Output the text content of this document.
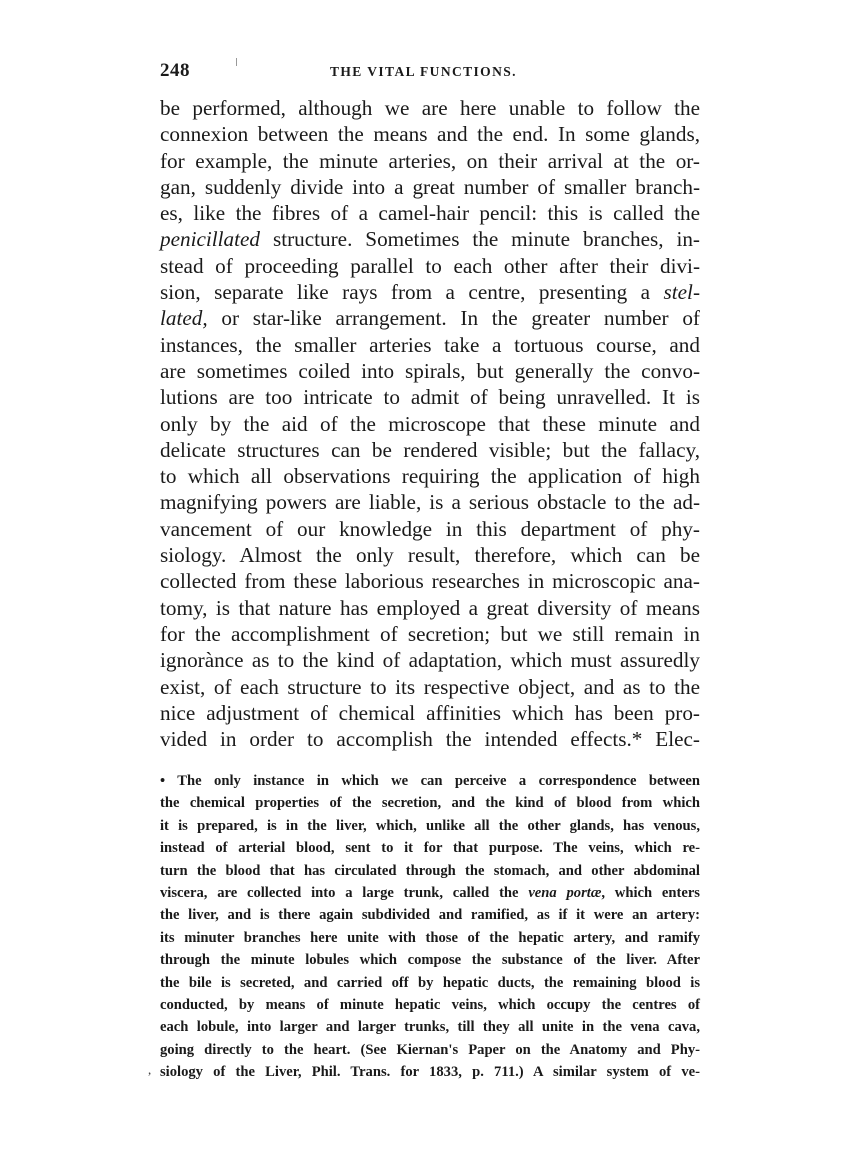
248	THE VITAL FUNCTIONS.
be performed, although we are here unable to follow the
connexion between the means and the end. In some glands,
for example, the minute arteries, on their arrival at the or-
gan, suddenly divide into a great number of smaller branch-
es, like the fibres of a camel-hair pencil: this is called the
penicillated structure. Sometimes the minute branches, in-
stead of proceeding parallel to each other after their divi-
sion, separate like rays from a centre, presenting a stel-
lated, or star-like arrangement. In the greater number of
instances, the smaller arteries take a tortuous course, and
are sometimes coiled into spirals, but generally the convo-
lutions are too intricate to admit of being unravelled. It is
only by the aid of the microscope that these minute and
delicate structures can be rendered visible; but the fallacy,
to which all observations requiring the application of high
magnifying powers are liable, is a serious obstacle to the ad-
vancement of our knowledge in this department of phy-
siology. Almost the only result, therefore, which can be
collected from these laborious researches in microscopic ana-
tomy, is that nature has employed a great diversity of means
for the accomplishment of secretion; but we still remain in
ignorànce as to the kind of adaptation, which must assuredly
exist, of each structure to its respective object, and as to the
nice adjustment of chemical affinities which has been pro-
vided in order to accomplish the intended effects.* Elec-
• The only instance in which we can perceive a correspondence between
the chemical properties of the secretion, and the kind of blood from which
it is prepared, is in the liver, which, unlike all the other glands, has venous,
instead of arterial blood, sent to it for that purpose. The veins, which re-
turn the blood that has circulated through the stomach, and other abdominal
viscera, are collected into a large trunk, called the vena portæ, which enters
the liver, and is there again subdivided and ramified, as if it were an artery:
its minuter branches here unite with those of the hepatic artery, and ramify
through the minute lobules which compose the substance of the liver. After
the bile is secreted, and carried off by hepatic ducts, the remaining blood is
conducted, by means of minute hepatic veins, which occupy the centres of
each lobule, into larger and larger trunks, till they all unite in the vena cava,
going directly to the heart. (See Kiernan's Paper on the Anatomy and Phy-
siology of the Liver, Phil. Trans. for 1833, p. 711.) A similar system of ve-
,
